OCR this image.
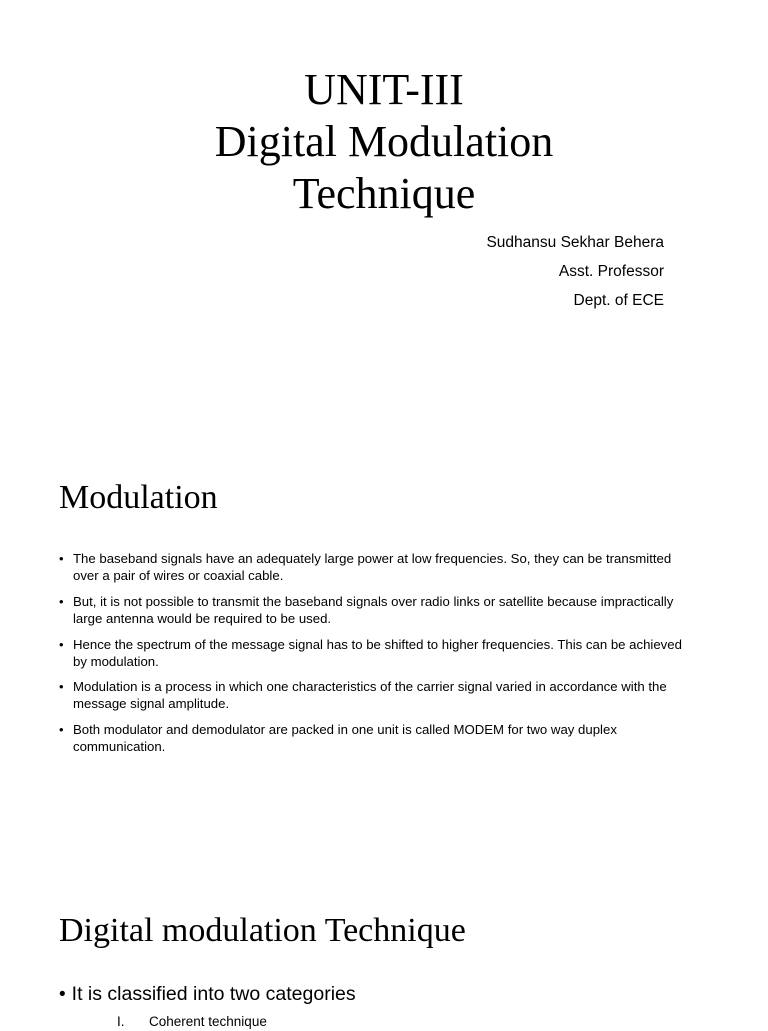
UNIT-III
Digital Modulation
Technique
Sudhansu Sekhar Behera
Asst. Professor
Dept. of ECE
Modulation
• The baseband signals have an adequately large power at low frequencies. So, they can be transmitted over a pair of wires or coaxial cable.
• But, it is not possible to transmit the baseband signals over radio links or satellite because impractically large antenna would be required to be used.
• Hence the spectrum of the message signal has to be shifted to higher frequencies. This can be achieved by modulation.
• Modulation is a process in which one characteristics of the carrier signal varied in accordance with the message signal amplitude.
• Both modulator and demodulator are packed in one unit is called MODEM for two way duplex communication.
Digital modulation Technique
• It is classified into two categories
I. Coherent technique
